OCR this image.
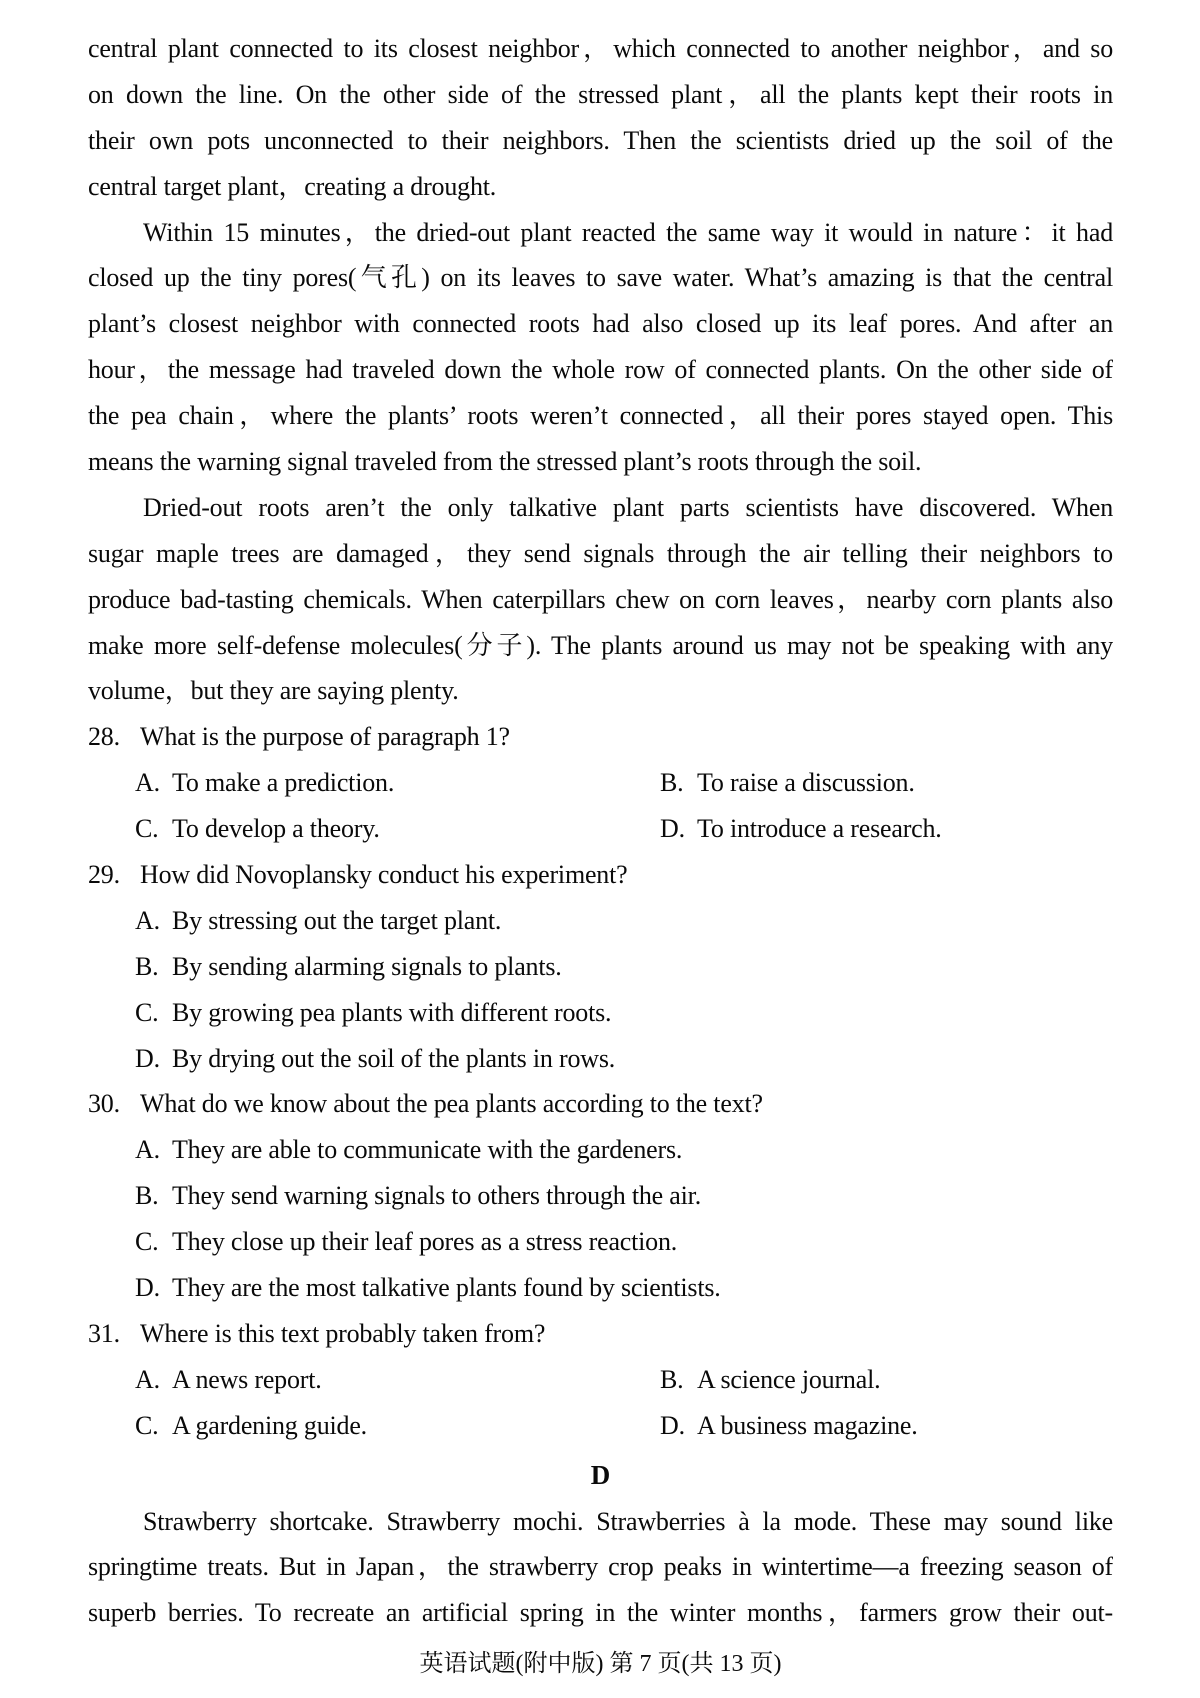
central plant connected to its closest neighbor，which connected to another neighbor，and so
on down the line. On the other side of the stressed plant，all the plants kept their roots in
their own pots unconnected to their neighbors. Then the scientists dried up the soil of the
central target plant，creating a drought.
Within 15 minutes，the dried-out plant reacted the same way it would in nature：it had
closed up the tiny pores(气孔) on its leaves to save water. What’s amazing is that the central
plant’s closest neighbor with connected roots had also closed up its leaf pores. And after an
hour，the message had traveled down the whole row of connected plants. On the other side of
the pea chain，where the plants’ roots weren’t connected，all their pores stayed open. This
means the warning signal traveled from the stressed plant’s roots through the soil.
Dried-out roots aren’t the only talkative plant parts scientists have discovered. When
sugar maple trees are damaged，they send signals through the air telling their neighbors to
produce bad-tasting chemicals. When caterpillars chew on corn leaves，nearby corn plants also
make more self-defense molecules(分子). The plants around us may not be speaking with any
volume，but they are saying plenty.
28. What is the purpose of paragraph 1?
A. To make a prediction.	B. To raise a discussion.
C. To develop a theory.	D. To introduce a research.
29. How did Novoplansky conduct his experiment?
A. By stressing out the target plant.
B. By sending alarming signals to plants.
C. By growing pea plants with different roots.
D. By drying out the soil of the plants in rows.
30. What do we know about the pea plants according to the text?
A. They are able to communicate with the gardeners.
B. They send warning signals to others through the air.
C. They close up their leaf pores as a stress reaction.
D. They are the most talkative plants found by scientists.
31. Where is this text probably taken from?
A. A news report.	B. A science journal.
C. A gardening guide.	D. A business magazine.
D
Strawberry shortcake. Strawberry mochi. Strawberries à la mode. These may sound like
springtime treats. But in Japan，the strawberry crop peaks in wintertime—a freezing season of
superb berries. To recreate an artificial spring in the winter months，farmers grow their out-
英语试题(附中版) 第 7 页(共 13 页)
